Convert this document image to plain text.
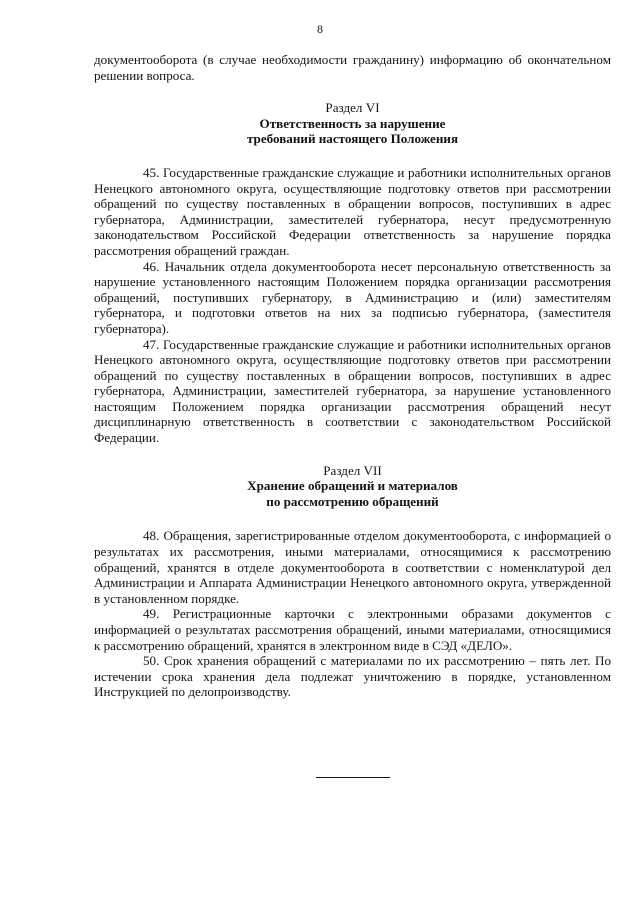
8

документооборота (в случае необходимости гражданину) информацию об окончательном решении вопроса.

Раздел VI
Ответственность за нарушение
требований настоящего Положения

45. Государственные гражданские служащие и работники исполнительных органов Ненецкого автономного округа, осуществляющие подготовку ответов при рассмотрении обращений по существу поставленных в обращении вопросов, поступивших в адрес губернатора, Администрации, заместителей губернатора, несут предусмотренную законодательством Российской Федерации ответственность за нарушение порядка рассмотрения обращений граждан.

46. Начальник отдела документооборота несет персональную ответственность за нарушение установленного настоящим Положением порядка организации рассмотрения обращений, поступивших губернатору, в Администрацию и (или) заместителям губернатора, и подготовки ответов на них за подписью губернатора, (заместителя губернатора).

47. Государственные гражданские служащие и работники исполнительных органов Ненецкого автономного округа, осуществляющие подготовку ответов при рассмотрении обращений по существу поставленных в обращении вопросов, поступивших в адрес губернатора, Администрации, заместителей губернатора, за нарушение установленного настоящим Положением порядка организации рассмотрения обращений несут дисциплинарную ответственность в соответствии с законодательством Российской Федерации.

Раздел VII
Хранение обращений и материалов
по рассмотрению обращений

48. Обращения, зарегистрированные отделом документооборота, с информацией о результатах их рассмотрения, иными материалами, относящимися к рассмотрению обращений, хранятся в отделе документооборота в соответствии с номенклатурой дел Администрации и Аппарата Администрации Ненецкого автономного округа, утвержденной в установленном порядке.

49. Регистрационные карточки с электронными образами документов с информацией о результатах рассмотрения обращений, иными материалами, относящимися к рассмотрению обращений, хранятся в электронном виде в СЭД «ДЕЛО».

50. Срок хранения обращений с материалами по их рассмотрению – пять лет. По истечении срока хранения дела подлежат уничтожению в порядке, установленном Инструкцией по делопроизводству.
